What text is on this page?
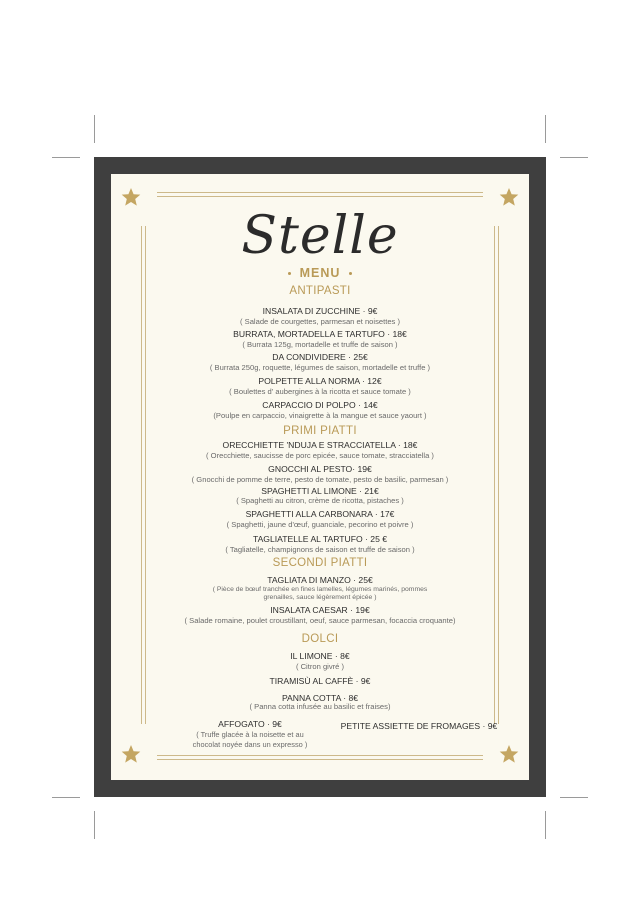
Stelle
MENU
ANTIPASTI
INSALATA DI ZUCCHINE · 9€
( Salade de courgettes, parmesan et noisettes )
BURRATA, MORTADELLA E TARTUFO · 18€
( Burrata 125g, mortadelle et truffe de saison )
DA CONDIVIDERE · 25€
( Burrata 250g, roquette, légumes de saison, mortadelle et truffe )
POLPETTE ALLA NORMA · 12€
( Boulettes d' aubergines à la ricotta et sauce tomate )
CARPACCIO DI POLPO · 14€
(Poulpe en carpaccio, vinaigrette à la mangue et sauce yaourt )
PRIMI PIATTI
ORECCHIETTE 'NDUJA E STRACCIATELLA · 18€
( Orecchiette, saucisse de porc epicée, sauce tomate, stracciatella )
GNOCCHI AL PESTO· 19€
( Gnocchi de pomme de terre, pesto de tomate, pesto de basilic, parmesan )
SPAGHETTI AL LIMONE · 21€
( Spaghetti au citron, crème de ricotta, pistaches )
SPAGHETTI ALLA CARBONARA · 17€
( Spaghetti, jaune d'œuf, guanciale, pecorino et poivre )
TAGLIATELLE AL TARTUFO · 25 €
( Tagliatelle, champignons de saison et truffe de saison )
SECONDI PIATTI
TAGLIATA DI MANZO · 25€
( Pièce de bœuf tranchée en fines lamelles, légumes marinés, pommes
grenailles, sauce légèrement épicée )
INSALATA CAESAR · 19€
( Salade romaine, poulet croustillant, oeuf, sauce parmesan, focaccia croquante)
DOLCI
IL LIMONE · 8€
( Citron givré )
TIRAMISÙ AL CAFFÈ · 9€
PANNA COTTA · 8€
( Panna cotta infusée au basilic et fraises)
AFFOGATO · 9€
( Truffe glacée à la noisette et au
chocolat noyée dans un expresso )
PETITE ASSIETTE DE FROMAGES · 9€
